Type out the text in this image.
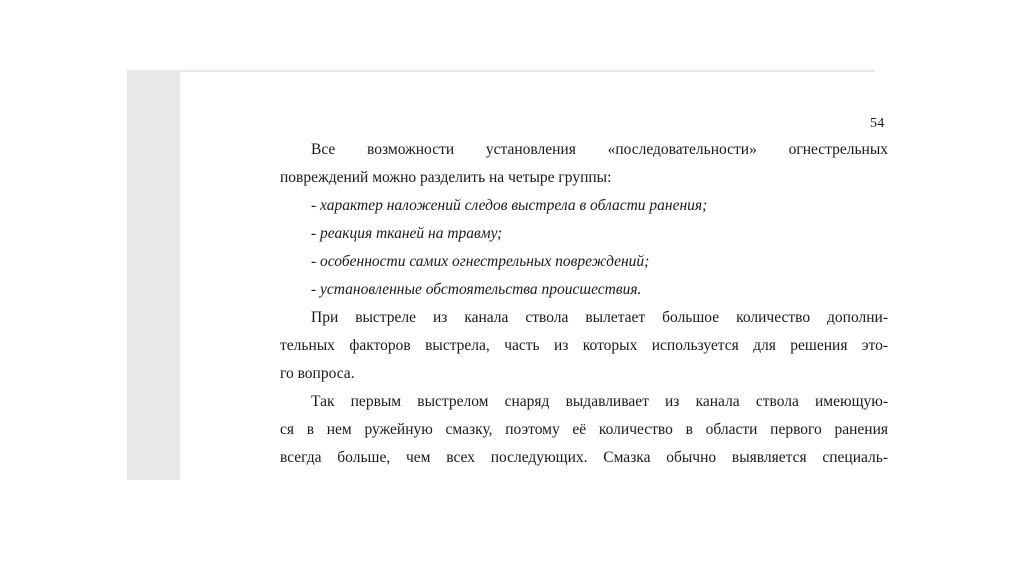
54
Все возможности установления «последовательности» огнестрельных
повреждений можно разделить на четыре группы:
- характер наложений следов выстрела в области ранения;
- реакция тканей на травму;
- особенности самих огнестрельных повреждений;
- установленные обстоятельства происшествия.
При выстреле из канала ствола вылетает большое количество дополни-
тельных факторов выстрела, часть из которых используется для решения это-
го вопроса.
Так первым выстрелом снаряд выдавливает из канала ствола имеющую-
ся в нем ружейную смазку, поэтому её количество в области первого ранения
всегда больше, чем всех последующих. Смазка обычно выявляется специаль-
